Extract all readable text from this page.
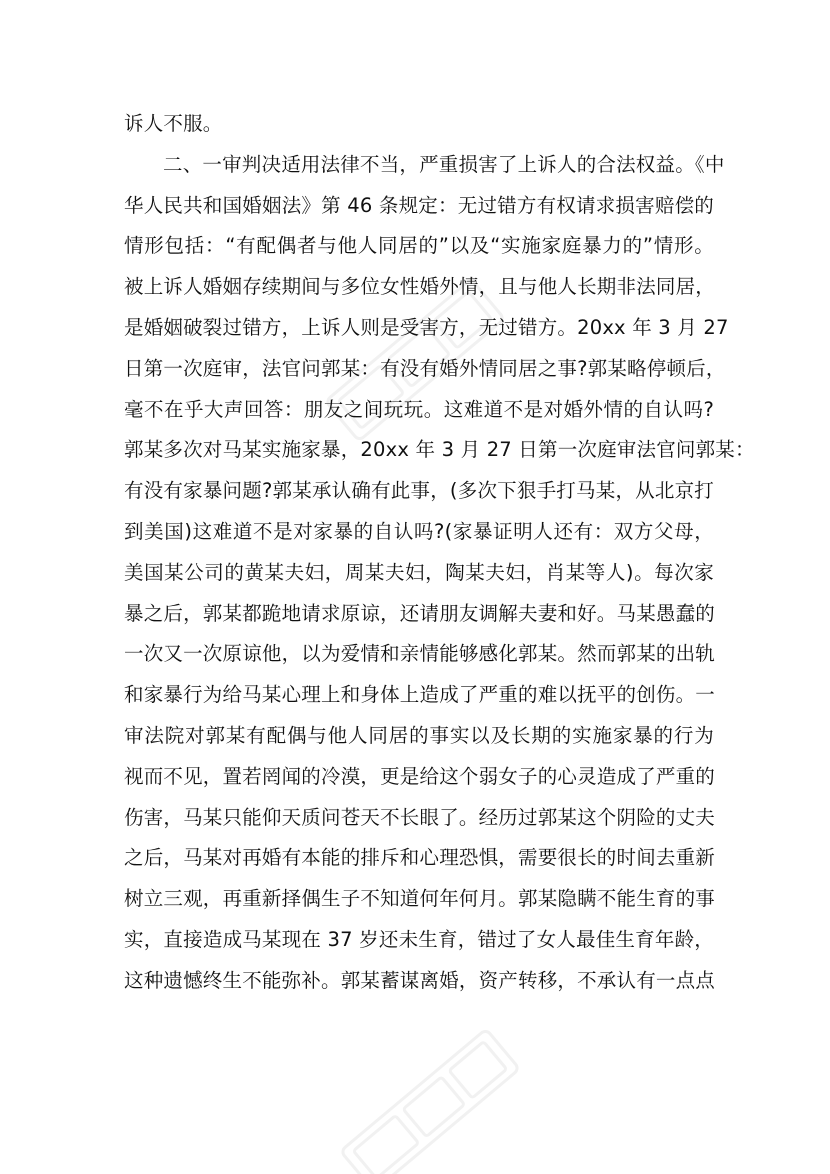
诉人不服。
二、一审判决适用法律不当，严重损害了上诉人的合法权益。《中
华人民共和国婚姻法》第 46 条规定：无过错方有权请求损害赔偿的
情形包括：“有配偶者与他人同居的”以及“实施家庭暴力的”情形。
被上诉人婚姻存续期间与多位女性婚外情，且与他人长期非法同居，
是婚姻破裂过错方，上诉人则是受害方，无过错方。20xx 年 3 月 27
日第一次庭审，法官问郭某：有没有婚外情同居之事?郭某略停顿后，
毫不在乎大声回答：朋友之间玩玩。这难道不是对婚外情的自认吗?
郭某多次对马某实施家暴，20xx 年 3 月 27 日第一次庭审法官问郭某：
有没有家暴问题?郭某承认确有此事，(多次下狠手打马某，从北京打
到美国)这难道不是对家暴的自认吗?(家暴证明人还有：双方父母，
美国某公司的黄某夫妇，周某夫妇，陶某夫妇，肖某等人)。每次家
暴之后，郭某都跪地请求原谅，还请朋友调解夫妻和好。马某愚蠢的
一次又一次原谅他，以为爱情和亲情能够感化郭某。然而郭某的出轨
和家暴行为给马某心理上和身体上造成了严重的难以抚平的创伤。一
审法院对郭某有配偶与他人同居的事实以及长期的实施家暴的行为
视而不见，置若罔闻的冷漠，更是给这个弱女子的心灵造成了严重的
伤害，马某只能仰天质问苍天不长眼了。经历过郭某这个阴险的丈夫
之后，马某对再婚有本能的排斥和心理恐惧，需要很长的时间去重新
树立三观，再重新择偶生子不知道何年何月。郭某隐瞒不能生育的事
实，直接造成马某现在 37 岁还未生育，错过了女人最佳生育年龄，
这种遗憾终生不能弥补。郭某蓄谋离婚，资产转移，不承认有一点点
